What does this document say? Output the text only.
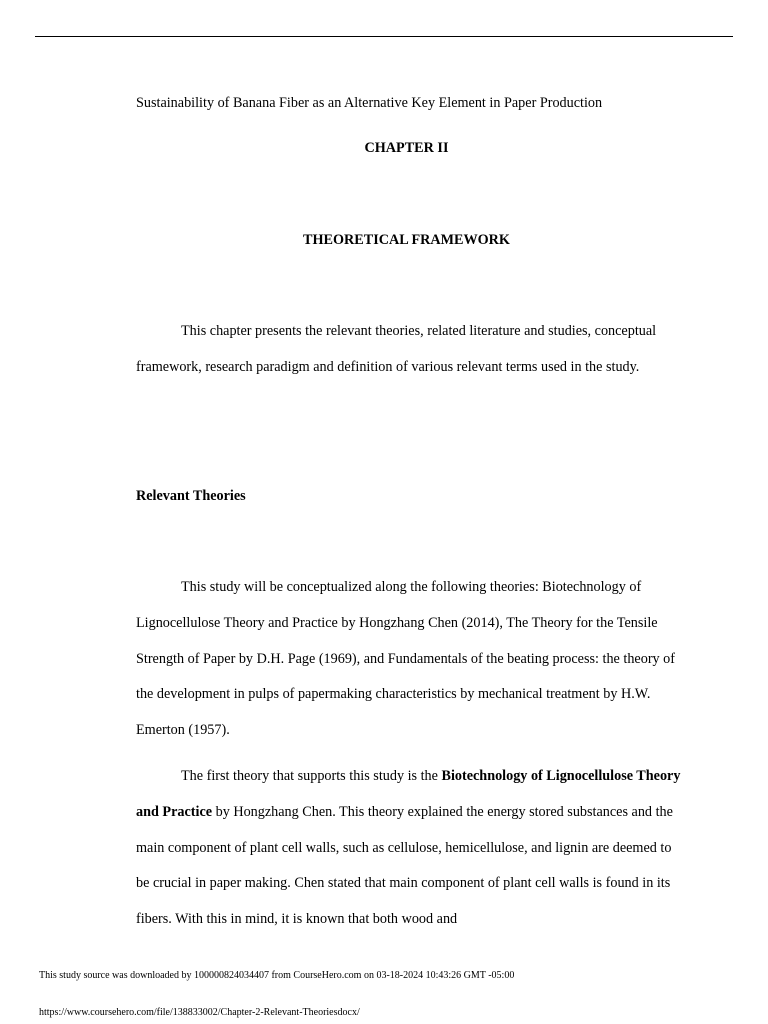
Sustainability of Banana Fiber as an Alternative Key Element in Paper Production
CHAPTER II
THEORETICAL FRAMEWORK

This chapter presents the relevant theories, related literature and studies, conceptual framework, research paradigm and definition of various relevant terms used in the study.

Relevant Theories

This study will be conceptualized along the following theories: Biotechnology of Lignocellulose Theory and Practice by Hongzhang Chen (2014), The Theory for the Tensile Strength of Paper by D.H. Page (1969), and Fundamentals of the beating process: the theory of the development in pulps of papermaking characteristics by mechanical treatment by H.W. Emerton (1957).

The first theory that supports this study is the Biotechnology of Lignocellulose Theory and Practice by Hongzhang Chen. This theory explained the energy stored substances and the main component of plant cell walls, such as cellulose, hemicellulose, and lignin are deemed to be crucial in paper making. Chen stated that main component of plant cell walls is found in its fibers. With this in mind, it is known that both wood and

This study source was downloaded by 100000824034407 from CourseHero.com on 03-18-2024 10:43:26 GMT -05:00
https://www.coursehero.com/file/138833002/Chapter-2-Relevant-Theoriesdocx/
